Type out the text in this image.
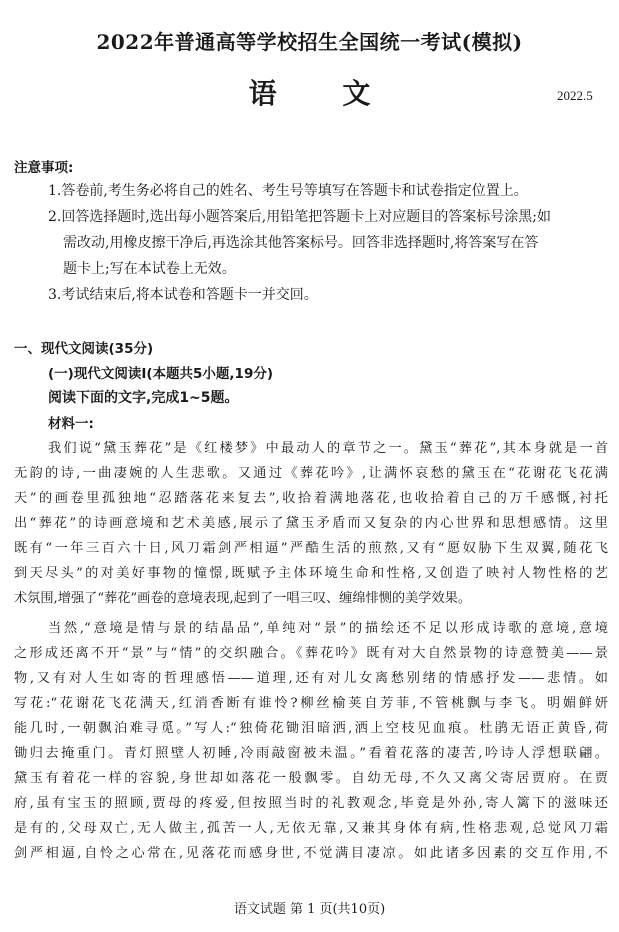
2022年普通高等学校招生全国统一考试(模拟)
语 文	2022.5
注意事项:
1.答卷前,考生务必将自己的姓名、考生号等填写在答题卡和试卷指定位置上。
2.回答选择题时,选出每小题答案后,用铅笔把答题卡上对应题目的答案标号涂黑;如
需改动,用橡皮擦干净后,再选涂其他答案标号。回答非选择题时,将答案写在答
题卡上;写在本试卷上无效。
3.考试结束后,将本试卷和答题卡一并交回。
一、现代文阅读(35分)
(一)现代文阅读Ⅰ(本题共5小题,19分)
阅读下面的文字,完成1~5题。
材料一:
我们说“黛玉葬花”是《红楼梦》中最动人的章节之一。黛玉“葬花”,其本身就是一首
无韵的诗,一曲凄婉的人生悲歌。又通过《葬花吟》,让满怀哀愁的黛玉在“花谢花飞花满
天”的画卷里孤独地“忍踏落花来复去”,收拾着满地落花,也收拾着自己的万千感慨,衬托
出“葬花”的诗画意境和艺术美感,展示了黛玉矛盾而又复杂的内心世界和思想感情。这里
既有“一年三百六十日,风刀霜剑严相逼”严酷生活的煎熬,又有“愿奴胁下生双翼,随花飞
到天尽头”的对美好事物的憧憬,既赋予主体环境生命和性格,又创造了映衬人物性格的艺
术氛围,增强了“葬花”画卷的意境表现,起到了一唱三叹、缠绵悱恻的美学效果。
当然,“意境是情与景的结晶品”,单纯对“景”的描绘还不足以形成诗歌的意境,意境
之形成还离不开“景”与“情”的交织融合。《葬花吟》既有对大自然景物的诗意赞美——景
物,又有对人生如寄的哲理感悟——道理,还有对儿女离愁别绪的情感抒发——悲情。如
写花:“花谢花飞花满天,红消香断有谁怜?柳丝榆荚自芳菲,不管桃飘与李飞。明媚鲜妍
能几时,一朝飘泊难寻觅。”写人:“独倚花锄泪暗洒,洒上空枝见血痕。杜鹃无语正黄昏,荷
锄归去掩重门。青灯照壁人初睡,冷雨敲窗被未温。”看着花落的凄苦,吟诗人浮想联翩。
黛玉有着花一样的容貌,身世却如落花一般飘零。自幼无母,不久又离父寄居贾府。在贾
府,虽有宝玉的照顾,贾母的疼爱,但按照当时的礼教观念,毕竟是外孙,寄人篱下的滋味还
是有的,父母双亡,无人做主,孤苦一人,无依无靠,又兼其身体有病,性格悲观,总觉风刀霜
剑严相逼,自怜之心常在,见落花而感身世,不觉满目凄凉。如此诸多因素的交互作用,不
语文试题 第 1 页(共10页)
